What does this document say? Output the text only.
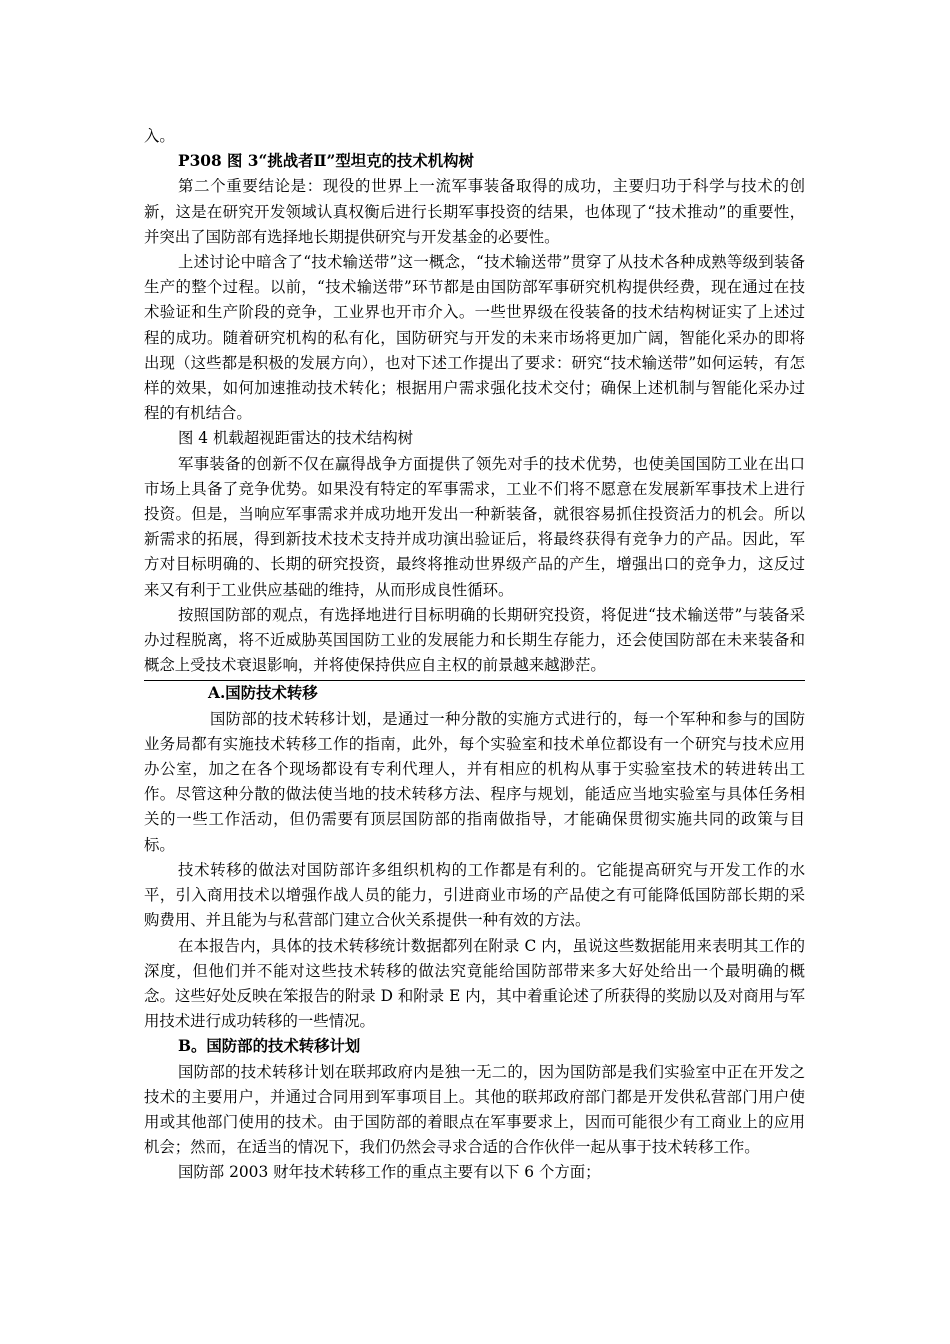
入。

P308 图 3“挑战者Ⅱ”型坦克的技术机构树

第二个重要结论是：现役的世界上一流军事装备取得的成功，主要归功于科学与技术的创新，这是在研究开发领域认真权衡后进行长期军事投资的结果，也体现了“技术推动”的重要性，并突出了国防部有选择地长期提供研究与开发基金的必要性。

上述讨论中暗含了“技术输送带”这一概念，“技术输送带”贯穿了从技术各种成熟等级到装备生产的整个过程。以前，“技术输送带”环节都是由国防部军事研究机构提供经费，现在通过在技术验证和生产阶段的竞争，工业界也开市介入。一些世界级在役装备的技术结构树证实了上述过程的成功。随着研究机构的私有化，国防研究与开发的未来市场将更加广阔，智能化采办的即将出现（这些都是积极的发展方向），也对下述工作提出了要求：研究“技术输送带”如何运转，有怎样的效果，如何加速推动技术转化；根据用户需求强化技术交付；确保上述机制与智能化采办过程的有机结合。

图 4 机载超视距雷达的技术结构树

军事装备的创新不仅在赢得战争方面提供了领先对手的技术优势，也使美国国防工业在出口市场上具备了竞争优势。如果没有特定的军事需求，工业不们将不愿意在发展新军事技术上进行投资。但是，当响应军事需求并成功地开发出一种新装备，就很容易抓住投资活力的机会。所以新需求的拓展，得到新技术技术支持并成功演出验证后，将最终获得有竞争力的产品。因此，军方对目标明确的、长期的研究投资，最终将推动世界级产品的产生，增强出口的竞争力，这反过来又有利于工业供应基础的维持，从而形成良性循环。

按照国防部的观点，有选择地进行目标明确的长期研究投资，将促进“技术输送带”与装备采办过程脱离，将不近威胁英国国防工业的发展能力和长期生存能力，还会使国防部在未来装备和概念上受技术衰退影响，并将使保持供应自主权的前景越来越渺茫。

A.国防技术转移

国防部的技术转移计划，是通过一种分散的实施方式进行的，每一个军种和参与的国防业务局都有实施技术转移工作的指南，此外，每个实验室和技术单位都设有一个研究与技术应用办公室，加之在各个现场都设有专利代理人，并有相应的机构从事于实验室技术的转进转出工作。尽管这种分散的做法使当地的技术转移方法、程序与规划，能适应当地实验室与具体任务相关的一些工作活动，但仍需要有顶层国防部的指南做指导，才能确保贯彻实施共同的政策与目标。

技术转移的做法对国防部许多组织机构的工作都是有利的。它能提高研究与开发工作的水平，引入商用技术以增强作战人员的能力，引进商业市场的产品使之有可能降低国防部长期的采购费用、并且能为与私营部门建立合伙关系提供一种有效的方法。

在本报告内，具体的技术转移统计数据都列在附录 C 内，虽说这些数据能用来表明其工作的深度，但他们并不能对这些技术转移的做法究竟能给国防部带来多大好处给出一个最明确的概念。这些好处反映在笨报告的附录 D 和附录 E 内，其中着重论述了所获得的奖励以及对商用与军用技术进行成功转移的一些情况。

B。国防部的技术转移计划

国防部的技术转移计划在联邦政府内是独一无二的，因为国防部是我们实验室中正在开发之技术的主要用户，并通过合同用到军事项目上。其他的联邦政府部门都是开发供私营部门用户使用或其他部门使用的技术。由于国防部的着眼点在军事要求上，因而可能很少有工商业上的应用机会；然而，在适当的情况下，我们仍然会寻求合适的合作伙伴一起从事于技术转移工作。

国防部 2003 财年技术转移工作的重点主要有以下 6 个方面；
